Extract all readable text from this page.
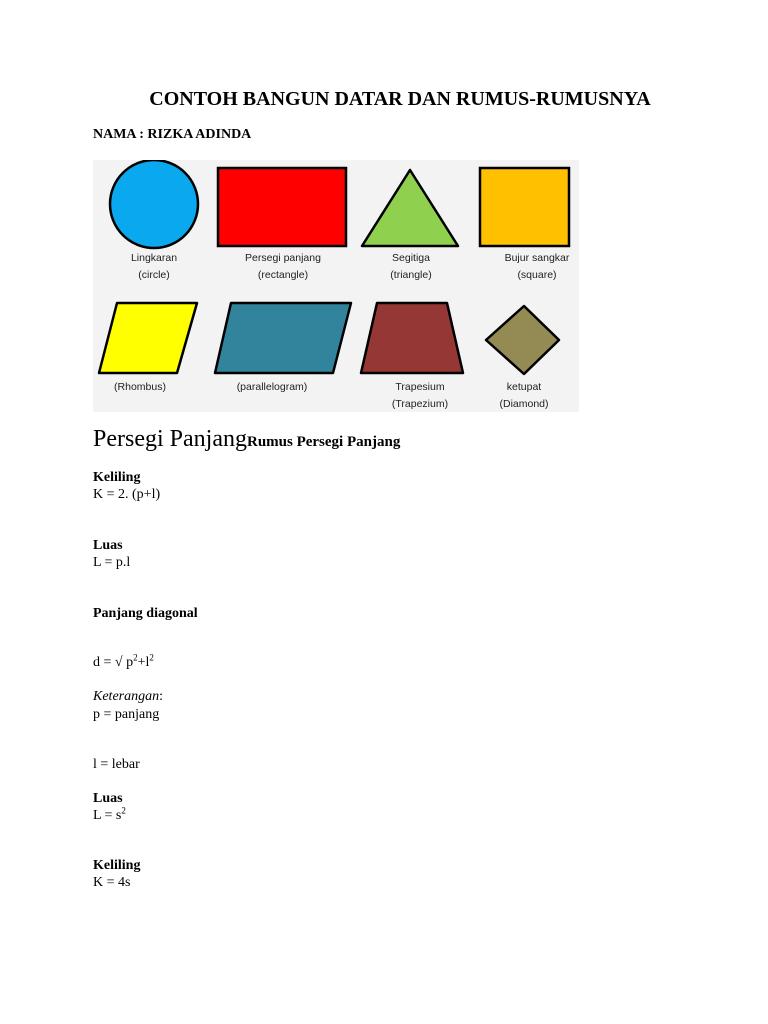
CONTOH BANGUN DATAR DAN RUMUS-RUMUSNYA
NAMA : RIZKA ADINDA
Lingkaran
(circle)
Persegi panjang
(rectangle)
Segitiga
(triangle)
Bujur sangkar
(square)
(Rhombus)	(parallelogram)	Trapesium
(Trapezium)
ketupat
(Diamond)
Persegi PanjangRumus Persegi Panjang
Keliling
K = 2. (p+l)
Luas
L = p.l
Panjang diagonal
d = √ $p^2+l^2$
Keterangan:
p = panjang
l = lebar
Luas
$L = s^2$
Keliling
K = 4s
